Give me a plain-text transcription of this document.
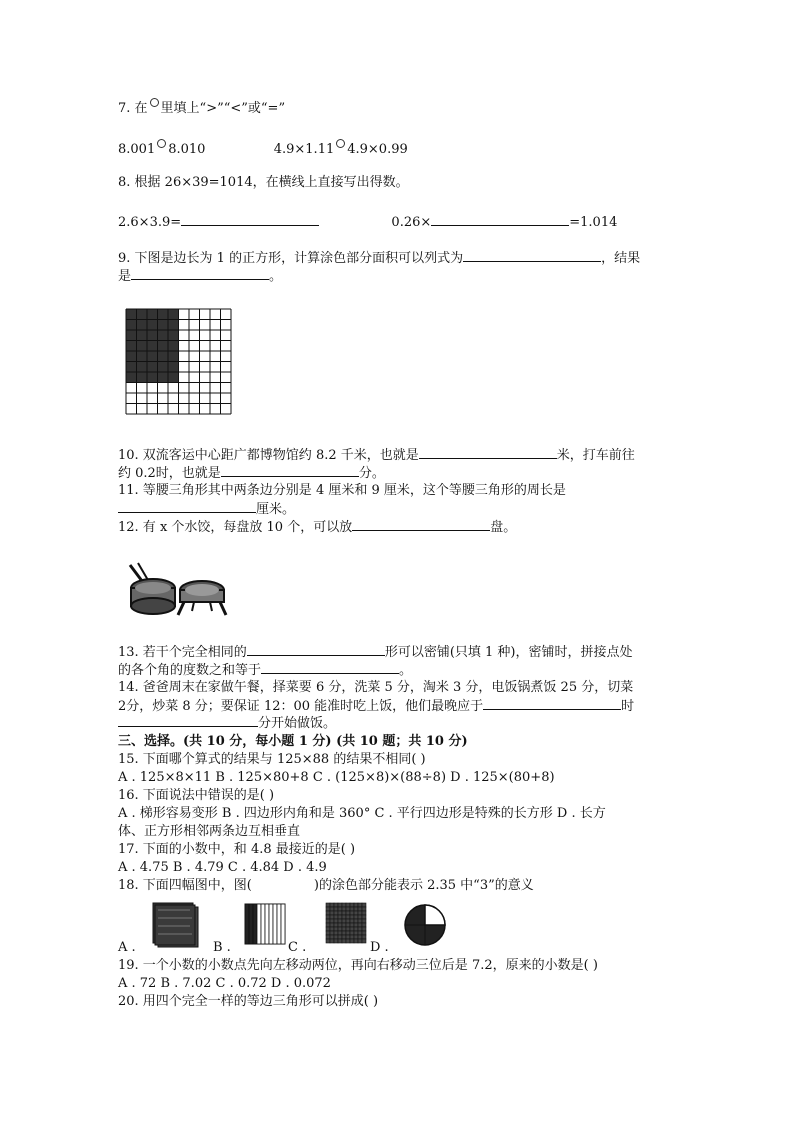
7. 在 里填上“>”“<”或“=”
8.001 8.010	4.9×1.11 4.9×0.99
8. 根据 26×39=1014，在横线上直接写出得数。
2.6×3.9=	0.26×	=1.014
9. 下图是边长为 1 的正方形，计算涂色部分面积可以列式为	，结果
是	。
10. 双流客运中心距广都博物馆约 8.2 千米，也就是	米，打车前往
约 0.2时，也就是	分。
11. 等腰三角形其中两条边分别是 4 厘米和 9 厘米，这个等腰三角形的周长是
厘米。
12. 有 x 个水饺，每盘放 10 个，可以放	盘。
13. 若干个完全相同的	形可以密铺(只填 1 种)，密铺时，拼接点处
的各个角的度数之和等于	。
14. 爸爸周末在家做午餐，择菜要 6 分，洗菜 5 分，淘米 3 分，电饭锅煮饭 25 分，切菜
2分，炒菜 8 分；要保证 12：00 能准时吃上饭，他们最晚应于	时
分开始做饭。
三、选择。(共 10 分，每小题 1 分) (共 10 题；共 10 分)
15. 下面哪个算式的结果与 125×88 的结果不相同( )
A . 125×8×11 B . 125×80+8 C . (125×8)×(88÷8) D . 125×(80+8)
16. 下面说法中错误的是( )
A . 梯形容易变形 B . 四边形内角和是 360° C . 平行四边形是特殊的长方形 D . 长方
体、正方形相邻两条边互相垂直
17. 下面的小数中，和 4.8 最接近的是( )
A . 4.75 B . 4.79 C . 4.84 D . 4.9
18. 下面四幅图中，图(	)的涂色部分能表示 2.35 中“3”的意义
A .	B .	C .	D .
19. 一个小数的小数点先向左移动两位，再向右移动三位后是 7.2，原来的小数是( )
A . 72 B . 7.02 C . 0.72 D . 0.072
20. 用四个完全一样的等边三角形可以拼成( )
